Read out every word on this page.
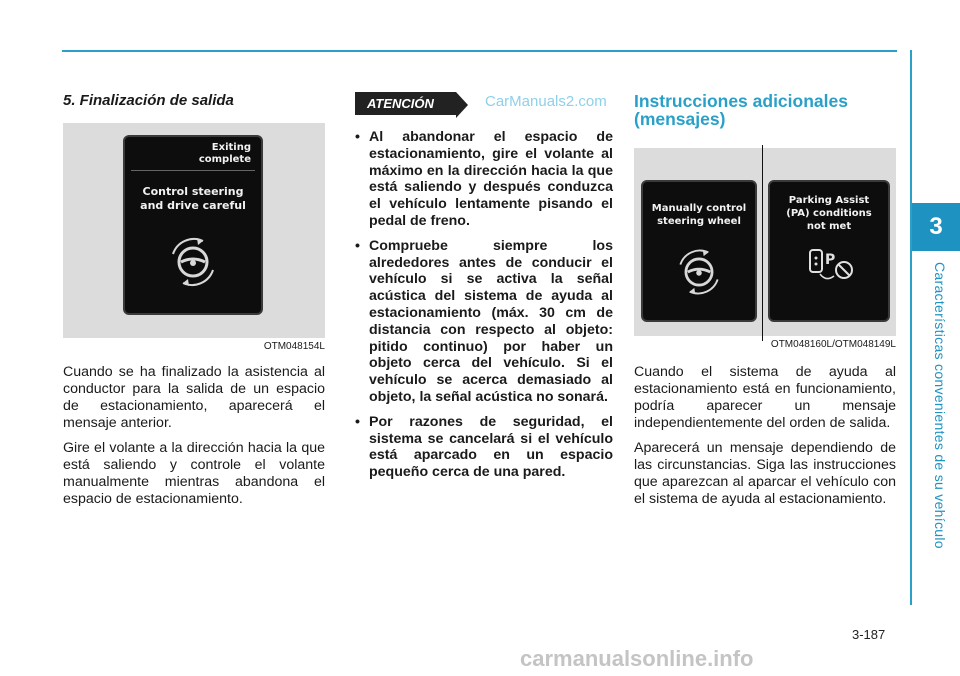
3
Características convenientes de su vehículo
5. Finalización de salida
Exiting
complete
Control steering
and drive careful
OTM048154L

Cuando se ha finalizado la asistencia al conductor para la salida de un espacio de estacionamiento, aparecerá el mensaje anterior.

Gire el volante a la dirección hacia la que está saliendo y controle el volante manualmente mientras abandona el espacio de estacionamiento.

ATENCIÓN
• Al abandonar el espacio de estacionamiento, gire el volante al máximo en la dirección hacia la que está saliendo y después conduzca el vehículo lentamente pisando el pedal de freno.
• Compruebe siempre los alrededores antes de conducir el vehículo si se activa la señal acústica del sistema de ayuda al estacionamiento (máx. 30 cm de distancia con respecto al objeto: pitido continuo) por haber un objeto cerca del vehículo. Si el vehículo se acerca demasiado al objeto, la señal acústica no sonará.
• Por razones de seguridad, el sistema se cancelará si el vehículo está aparcado en un espacio pequeño cerca de una pared.
CarManuals2.com Instrucciones adicionales
(mensajes)
Manually control
steering wheel
Parking Assist
(PA) conditions
not met
P
OTM048160L/OTM048149L

Cuando el sistema de ayuda al estacionamiento está en funcionamiento, podría aparecer un mensaje independientemente del orden de salida.

Aparecerá un mensaje dependiendo de las circunstancias. Siga las instrucciones que aparezcan al aparcar el vehículo con el sistema de ayuda al estacionamiento.

3-187
carmanualsonline.info
